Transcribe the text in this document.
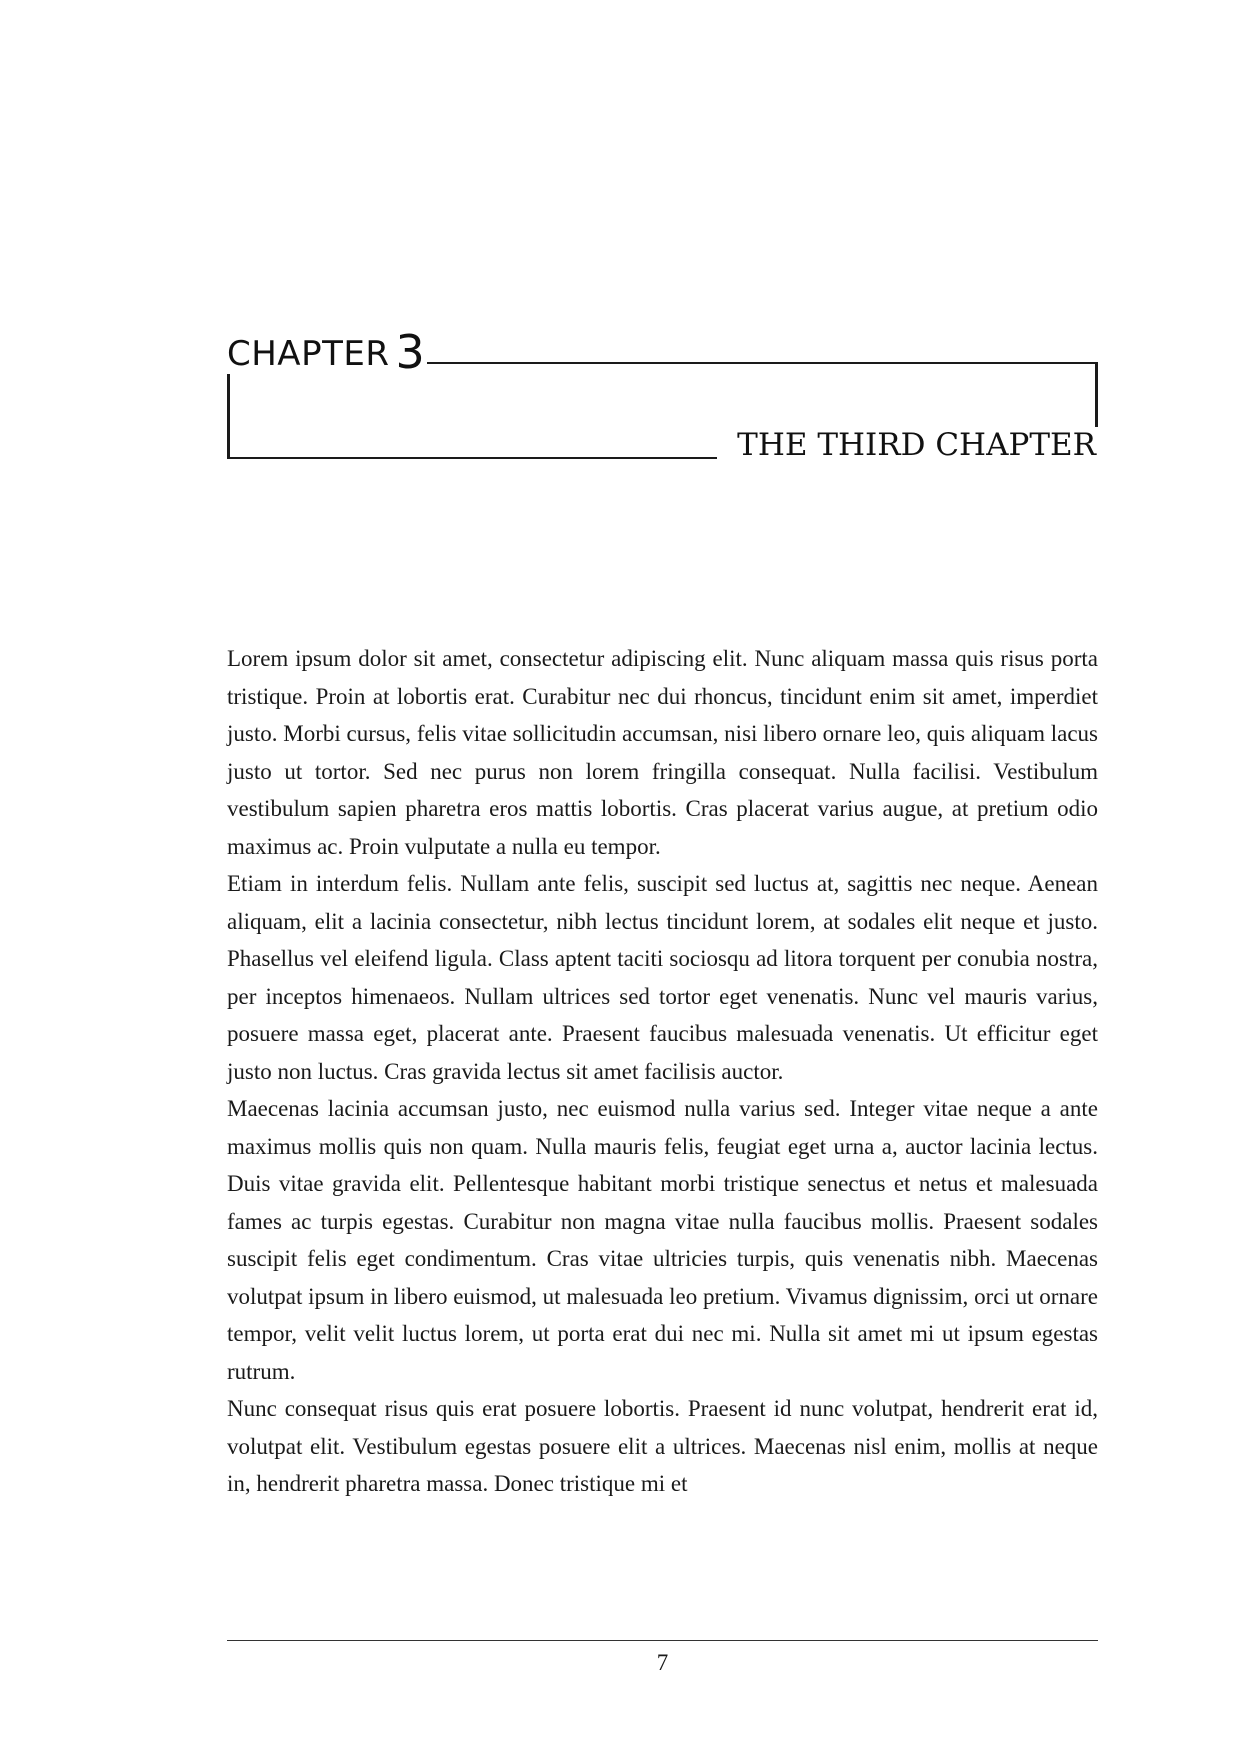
CHAPTER 3
THE THIRD CHAPTER

Lorem ipsum dolor sit amet, consectetur adipiscing elit. Nunc aliquam massa quis risus porta tristique. Proin at lobortis erat. Curabitur nec dui rhoncus, tincidunt enim sit amet, imperdiet justo. Morbi cursus, felis vitae sollicitudin accumsan, nisi libero ornare leo, quis aliquam lacus justo ut tortor. Sed nec purus non lorem fringilla consequat. Nulla facilisi. Vestibulum vestibulum sapien pharetra eros mattis lobortis. Cras placerat varius augue, at pretium odio maximus ac. Proin vulputate a nulla eu tempor.

Etiam in interdum felis. Nullam ante felis, suscipit sed luctus at, sagittis nec neque. Aenean aliquam, elit a lacinia consectetur, nibh lectus tincidunt lorem, at sodales elit neque et justo. Phasellus vel eleifend ligula. Class aptent taciti sociosqu ad litora torquent per conubia nostra, per inceptos himenaeos. Nullam ultrices sed tortor eget venenatis. Nunc vel mauris varius, posuere massa eget, placerat ante. Praesent faucibus malesuada venenatis. Ut efficitur eget justo non luctus. Cras gravida lectus sit amet facilisis auctor.

Maecenas lacinia accumsan justo, nec euismod nulla varius sed. Integer vitae neque a ante maximus mollis quis non quam. Nulla mauris felis, feugiat eget urna a, auctor lacinia lectus. Duis vitae gravida elit. Pellentesque habitant morbi tristique senectus et netus et malesuada fames ac turpis egestas. Curabitur non magna vitae nulla faucibus mollis. Praesent sodales suscipit felis eget condimentum. Cras vitae ultricies turpis, quis venenatis nibh. Maecenas volutpat ipsum in libero euismod, ut malesuada leo pretium. Vivamus dignissim, orci ut ornare tempor, velit velit luctus lorem, ut porta erat dui nec mi. Nulla sit amet mi ut ipsum egestas rutrum.

Nunc consequat risus quis erat posuere lobortis. Praesent id nunc volutpat, hendrerit erat id, volutpat elit. Vestibulum egestas posuere elit a ultrices. Maecenas nisl enim, mollis at neque in, hendrerit pharetra massa. Donec tristique mi et

7
